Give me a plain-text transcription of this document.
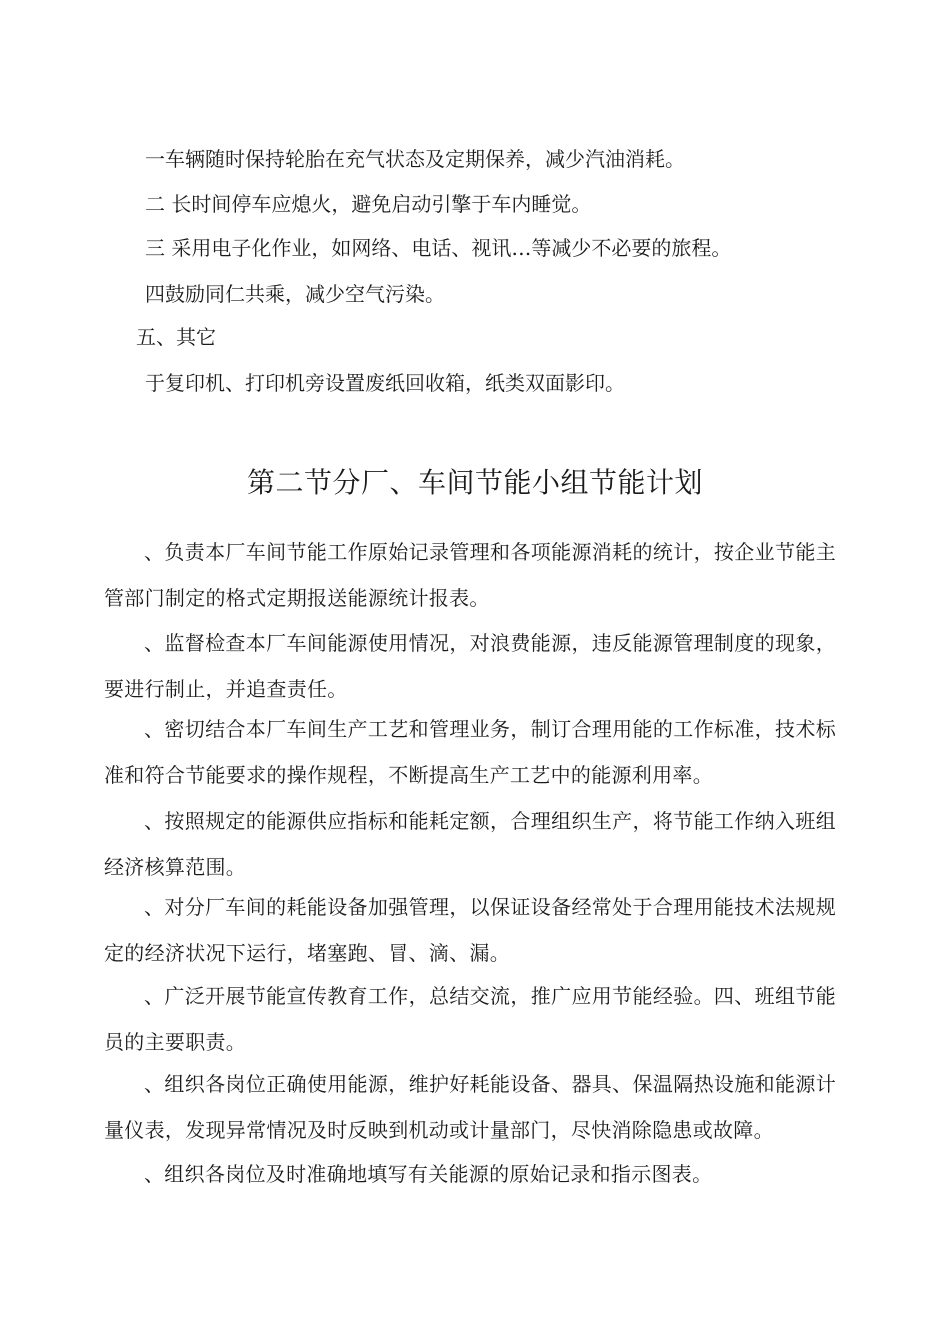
一车辆随时保持轮胎在充气状态及定期保养，减少汽油消耗。
二 长时间停车应熄火，避免启动引擎于车内睡觉。
三 采用电子化作业，如网络、电话、视讯…等减少不必要的旅程。
四鼓励同仁共乘，减少空气污染。
五、其它
于复印机、打印机旁设置废纸回收箱，纸类双面影印。
第二节分厂、车间节能小组节能计划
、负责本厂车间节能工作原始记录管理和各项能源消耗的统计，按企业节能主管部门制定的格式定期报送能源统计报表。
、监督检查本厂车间能源使用情况，对浪费能源，违反能源管理制度的现象，要进行制止，并追查责任。
、密切结合本厂车间生产工艺和管理业务，制订合理用能的工作标准，技术标准和符合节能要求的操作规程，不断提高生产工艺中的能源利用率。
、按照规定的能源供应指标和能耗定额，合理组织生产，将节能工作纳入班组经济核算范围。
、对分厂车间的耗能设备加强管理，以保证设备经常处于合理用能技术法规规定的经济状况下运行，堵塞跑、冒、滴、漏。
、广泛开展节能宣传教育工作，总结交流，推广应用节能经验。四、班组节能员的主要职责。
、组织各岗位正确使用能源，维护好耗能设备、器具、保温隔热设施和能源计量仪表，发现异常情况及时反映到机动或计量部门，尽快消除隐患或故障。
、组织各岗位及时准确地填写有关能源的原始记录和指示图表。
